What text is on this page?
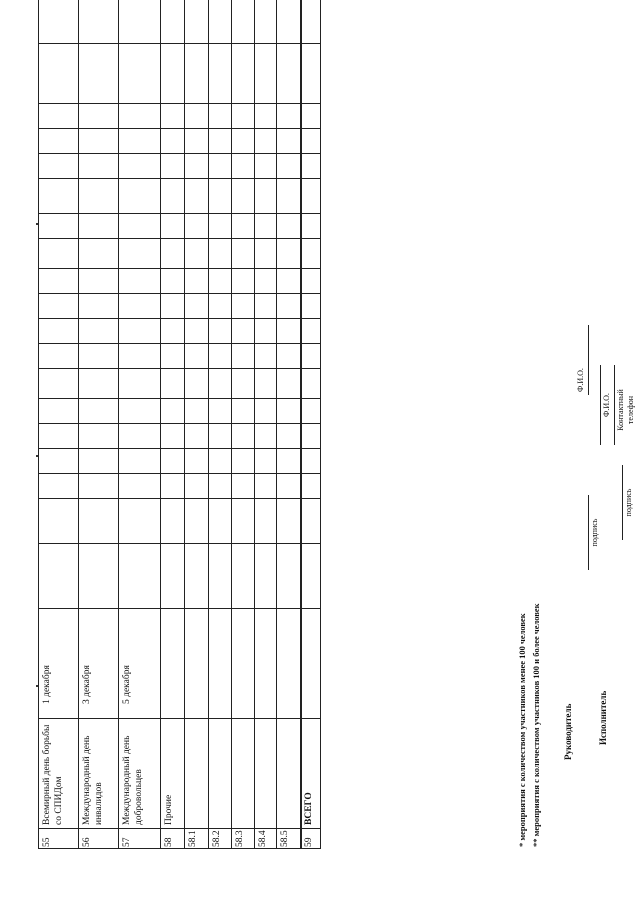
55
Всемирный день борьбы со СПИДом
1 декабря
56
Международный день инвалидов
3 декабря
57
Международный день добровольцев
5 декабря
58
Прочие
58.1 58.2 58.3 58.4 58.5 59
ВСЕГО	* мероприятия с количеством участников менее 100 человек ** мероприятия с количеством участников 100 и более человек Руководитель	Исполнитель
подпись
Ф.И.О.
подпись
Ф.И.О. Контактный телефон
